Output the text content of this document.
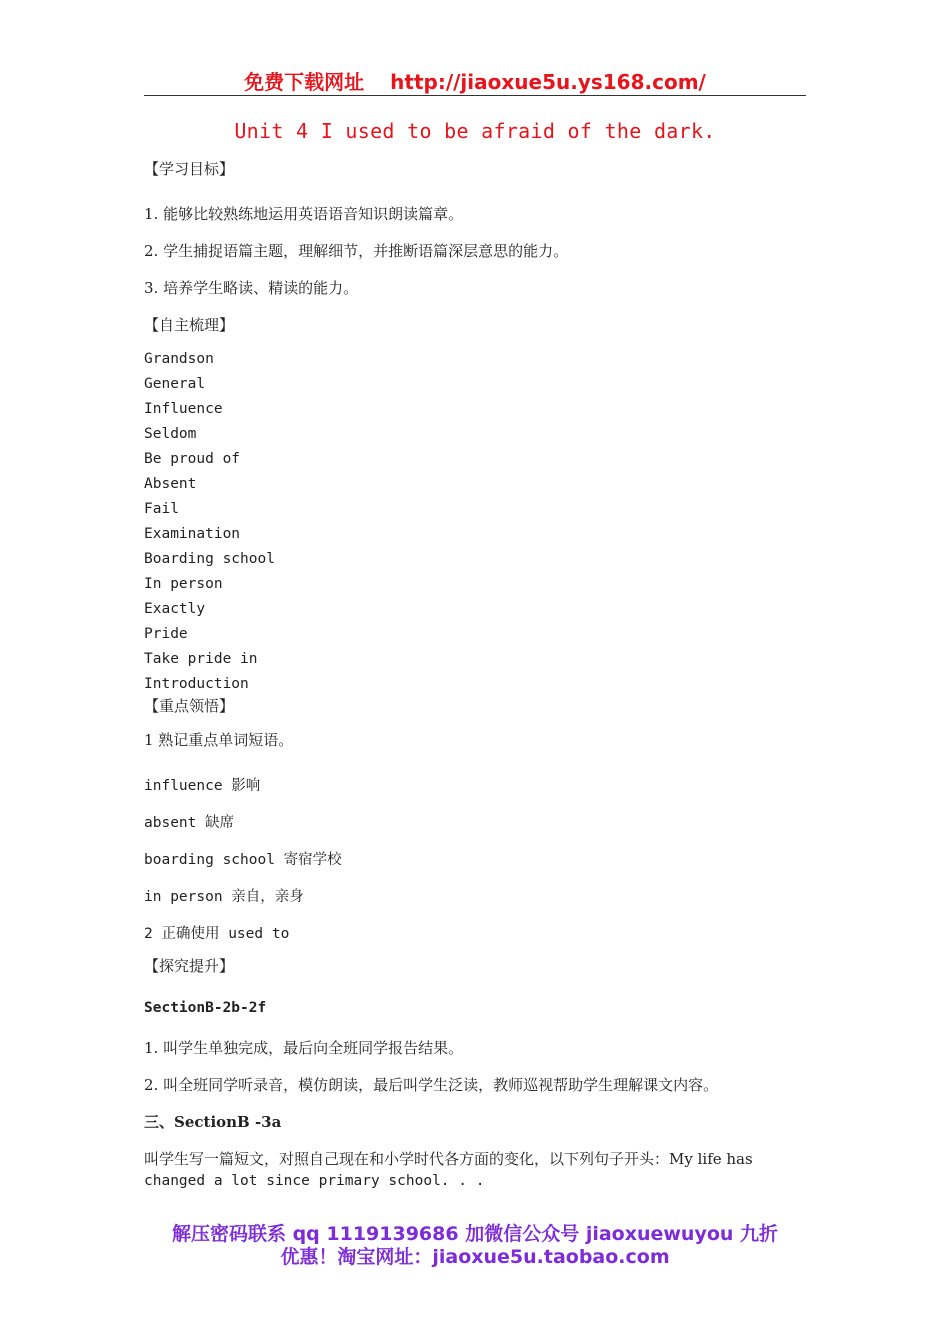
免费下载网址 http://jiaoxue5u.ys168.com/
Unit 4 I used to be afraid of the dark.
【学习目标】
1. 能够比较熟练地运用英语语音知识朗读篇章。
2. 学生捕捉语篇主题，理解细节，并推断语篇深层意思的能力。
3. 培养学生略读、精读的能力。
【自主梳理】
Grandson
General
Influence
Seldom
Be proud of
Absent
Fail
Examination
Boarding school
In person
Exactly
Pride
Take pride in
Introduction
【重点领悟】
1 熟记重点单词短语。
influence 影响
absent 缺席
boarding school 寄宿学校
in person 亲自，亲身
2 正确使用 used to
【探究提升】
SectionB-2b-2f
1. 叫学生单独完成，最后向全班同学报告结果。
2. 叫全班同学听录音，模仿朗读，最后叫学生泛读，教师巡视帮助学生理解课文内容。
三、SectionB -3a
叫学生写一篇短文，对照自己现在和小学时代各方面的变化，以下列句子开头：My life has
changed a lot since primary school. . .
解压密码联系 qq 1119139686 加微信公众号 jiaoxuewuyou 九折
优惠！淘宝网址：jiaoxue5u.taobao.com
